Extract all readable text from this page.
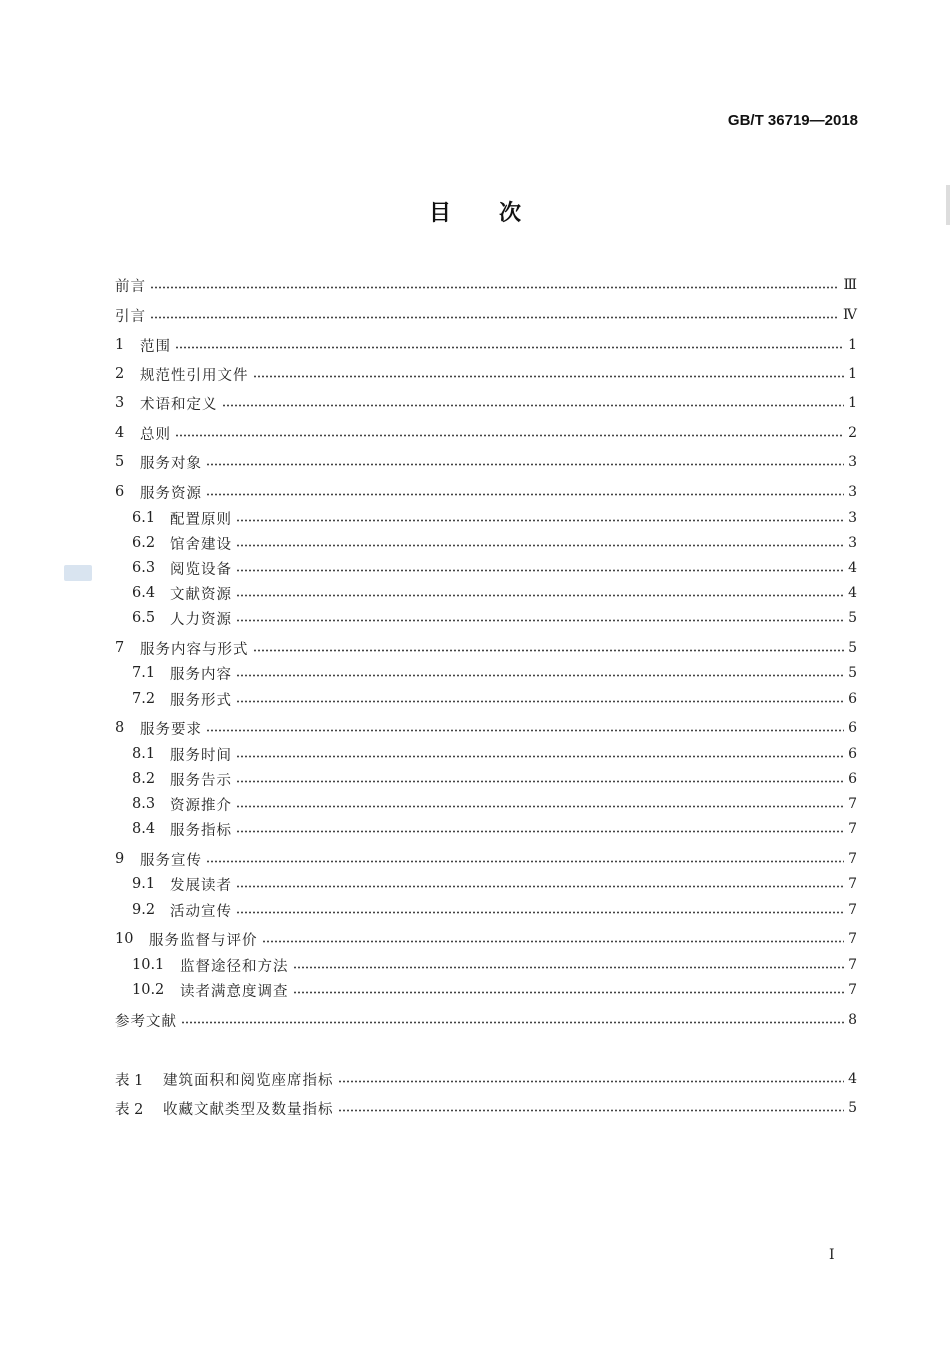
GB/T 36719—2018
目次
前言	Ⅲ
引言	Ⅳ
1	范围	1
2	规范性引用文件	1
3	术语和定义	1
4	总则	2
5	服务对象	3
6	服务资源	3
6.1	配置原则	3
6.2	馆舍建设	3
6.3	阅览设备	4
6.4	文献资源	4
6.5	人力资源	5
7	服务内容与形式	5
7.1	服务内容	5
7.2	服务形式	6
8	服务要求	6
8.1	服务时间	6
8.2	服务告示	6
8.3	资源推介	7
8.4	服务指标	7
9	服务宣传	7
9.1	发展读者	7
9.2	活动宣传	7
10	服务监督与评价	7
10.1	监督途径和方法	7
10.2	读者满意度调查	7
参考文献	8
表 1	建筑面积和阅览座席指标	4
表 2	收藏文献类型及数量指标	5
I
